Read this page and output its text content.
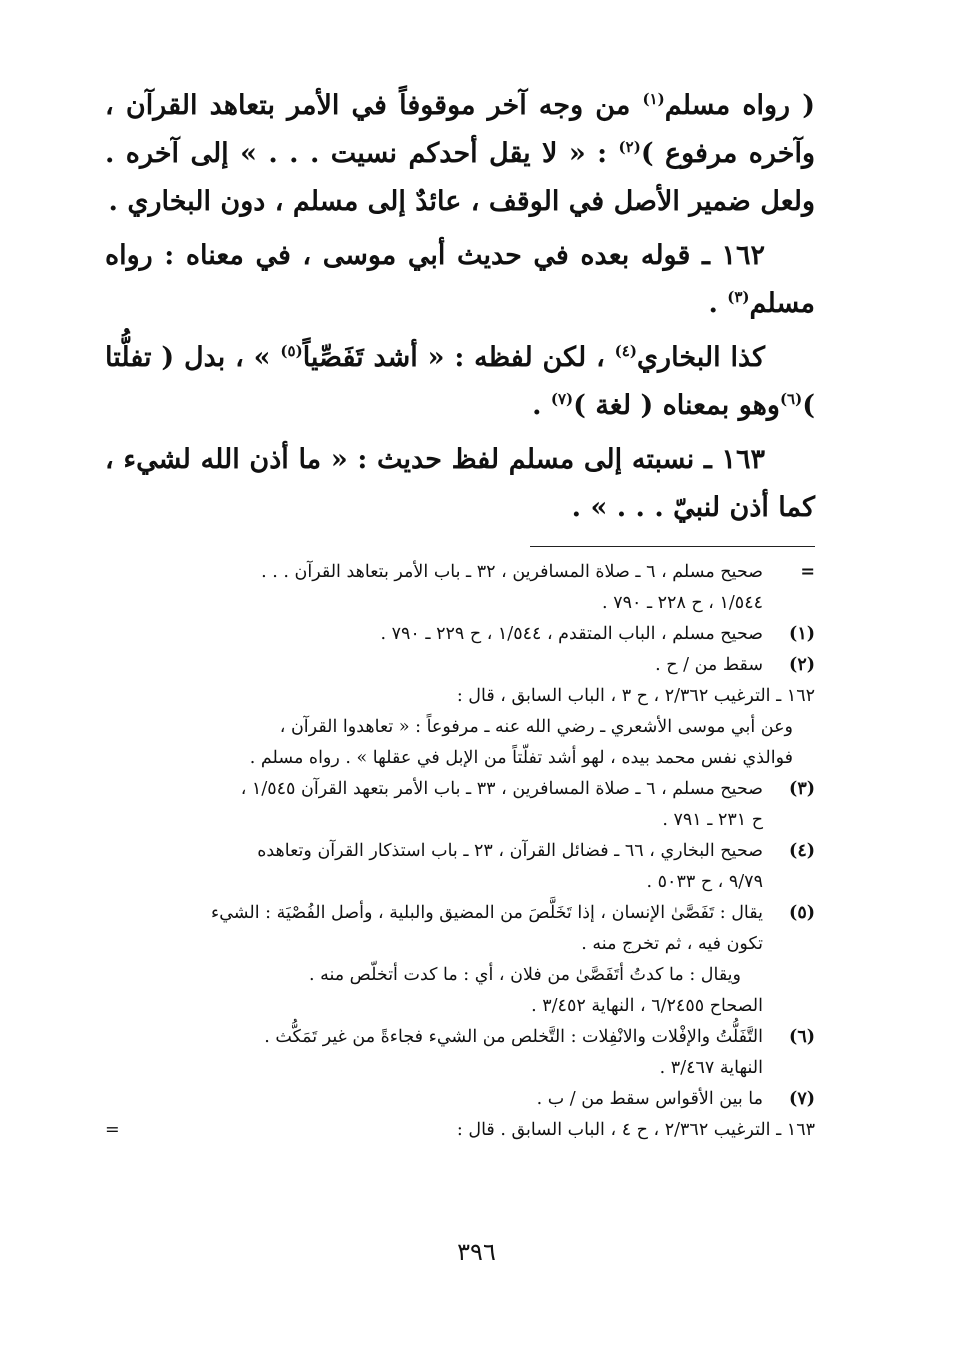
( رواه مسلم$^{(١)}$ من وجه آخر موقوفاً في الأمر بتعاهد القرآن ، وآخره مرفوع )$^{(٢)}$ : « لا يقل أحدكم نسيت . . . » إلى آخره . ولعل ضمير الأصل في الوقف ، عائدٌ إلى مسلم ، دون البخاري .

١٦٢ ـ قوله بعده في حديث أبي موسى ، في معناه : رواه مسلم$^{(٣)}$ .

كذا البخاري$^{(٤)}$ ، لكن لفظه : « أشد تَفَصِّياً$^{(٥)}$ » ، بدل ( تفلُّتا )$^{(٦)}$وهو بمعناه ( لغة )$^{(٧)}$ .

١٦٣ ـ نسبته إلى مسلم لفظ حديث : « ما أذن الله لشيء ، كما أذن لنبيّ . . . » .

=
صحيح مسلم ، ٦ ـ صلاة المسافرين ، ٣٢ ـ باب الأمر بتعاهد القرآن . . .
١/٥٤٤ ، ح ٢٢٨ ـ ٧٩٠ .
(١)
صحيح مسلم ، الباب المتقدم ، ١/٥٤٤ ، ح ٢٢٩ ـ ٧٩٠ .
(٢)
سقط من / ح .
١٦٢ ـ الترغيب ٢/٣٦٢ ، ح ٣ ، الباب السابق ، قال :
وعن أبي موسى الأشعري ـ رضي الله عنه ـ مرفوعاً : « تعاهدوا القرآن ،
فوالذي نفس محمد بيده ، لهو أشد تفلّتاً من الإبل في عقلها » . رواه مسلم .
(٣)
صحيح مسلم ، ٦ ـ صلاة المسافرين ، ٣٣ ـ باب الأمر بتعهد القرآن ١/٥٤٥ ،
ح ٢٣١ ـ ٧٩١ .
(٤)
صحيح البخاري ، ٦٦ ـ فضائل القرآن ، ٢٣ ـ باب استذكار القرآن وتعاهده
٩/٧٩ ، ح ٥٠٣٣ .
(٥)
يقال : تَفَصَّىٰ الإنسان ، إذا تَخَلَّصَ من المضيق والبلية ، وأصل الفُصْيَة : الشيء
تكون فيه ، ثم تخرج منه .
ويقال : ما كدتُ أتَفَصَّىٰ من فلان ، أي : ما كدت أتخلّص منه .
الصحاح ٦/٢٤٥٥ ، النهاية ٣/٤٥٢ .
(٦)
التَّفَلُّتُ والإفْلات والانْفِلات : التَّخلص من الشيء فجاءةً من غير تَمَكُّث .
النهاية ٣/٤٦٧ .
(٧)
ما بين الأقواس سقط من / ب .
١٦٣ ـ الترغيب ٢/٣٦٢ ، ح ٤ ، الباب السابق . قال :
=
٣٩٦
